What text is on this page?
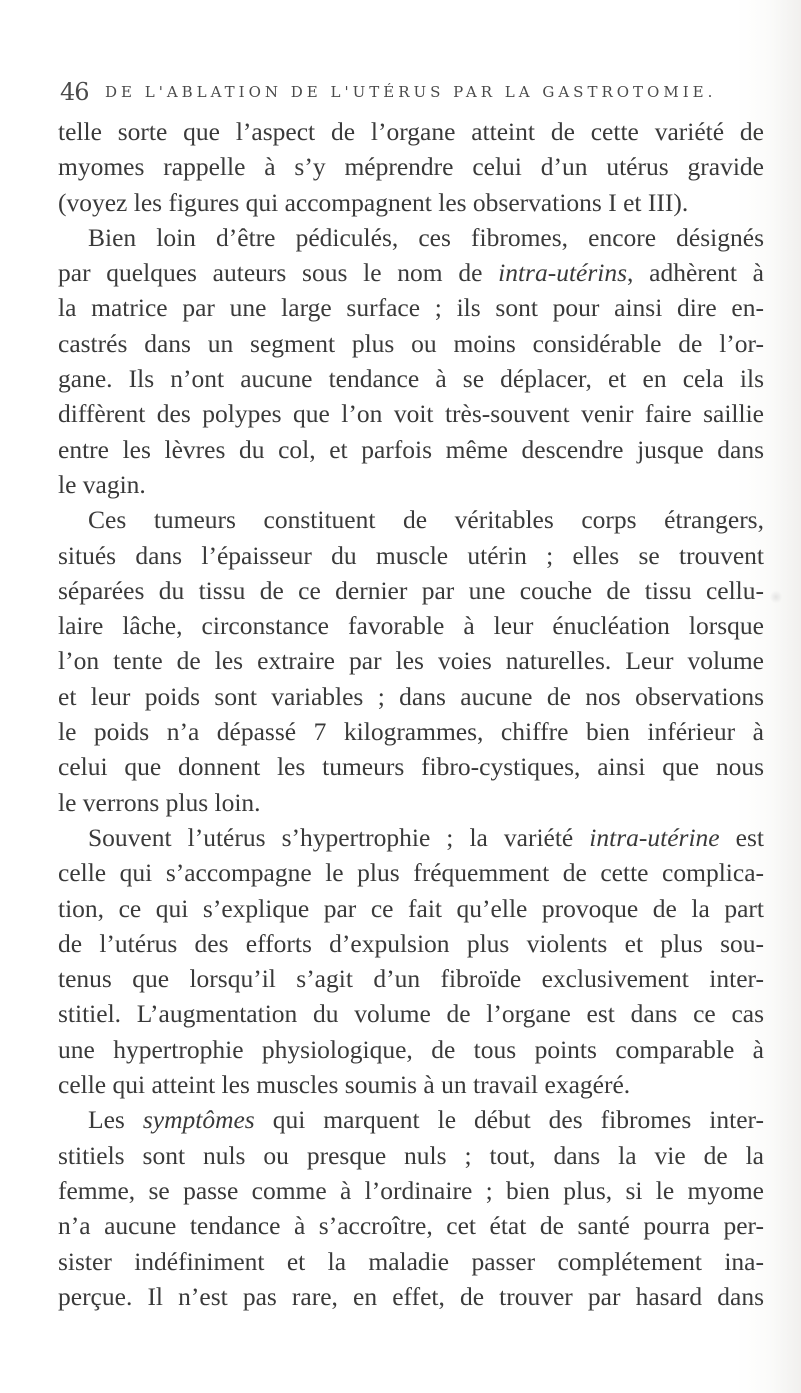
46 DE L'ABLATION DE L'UTÉRUS PAR LA GASTROTOMIE.
telle sorte que l’aspect de l’organe atteint de cette variété de
myomes rappelle à s’y méprendre celui d’un utérus gravide
(voyez les figures qui accompagnent les observations I et III).
Bien loin d’être pédiculés, ces fibromes, encore désignés
par quelques auteurs sous le nom de intra-utérins, adhèrent à
la matrice par une large surface ; ils sont pour ainsi dire en-
castrés dans un segment plus ou moins considérable de l’or-
gane. Ils n’ont aucune tendance à se déplacer, et en cela ils
diffèrent des polypes que l’on voit très-souvent venir faire saillie
entre les lèvres du col, et parfois même descendre jusque dans
le vagin.
Ces tumeurs constituent de véritables corps étrangers,
situés dans l’épaisseur du muscle utérin ; elles se trouvent
séparées du tissu de ce dernier par une couche de tissu cellu-
laire lâche, circonstance favorable à leur énucléation lorsque
l’on tente de les extraire par les voies naturelles. Leur volume
et leur poids sont variables ; dans aucune de nos observations
le poids n’a dépassé 7 kilogrammes, chiffre bien inférieur à
celui que donnent les tumeurs fibro-cystiques, ainsi que nous
le verrons plus loin.
Souvent l’utérus s’hypertrophie ; la variété intra-utérine est
celle qui s’accompagne le plus fréquemment de cette complica-
tion, ce qui s’explique par ce fait qu’elle provoque de la part
de l’utérus des efforts d’expulsion plus violents et plus sou-
tenus que lorsqu’il s’agit d’un fibroïde exclusivement inter-
stitiel. L’augmentation du volume de l’organe est dans ce cas
une hypertrophie physiologique, de tous points comparable à
celle qui atteint les muscles soumis à un travail exagéré.
Les symptômes qui marquent le début des fibromes inter-
stitiels sont nuls ou presque nuls ; tout, dans la vie de la
femme, se passe comme à l’ordinaire ; bien plus, si le myome
n’a aucune tendance à s’accroître, cet état de santé pourra per-
sister indéfiniment et la maladie passer complétement ina-
perçue. Il n’est pas rare, en effet, de trouver par hasard dans
